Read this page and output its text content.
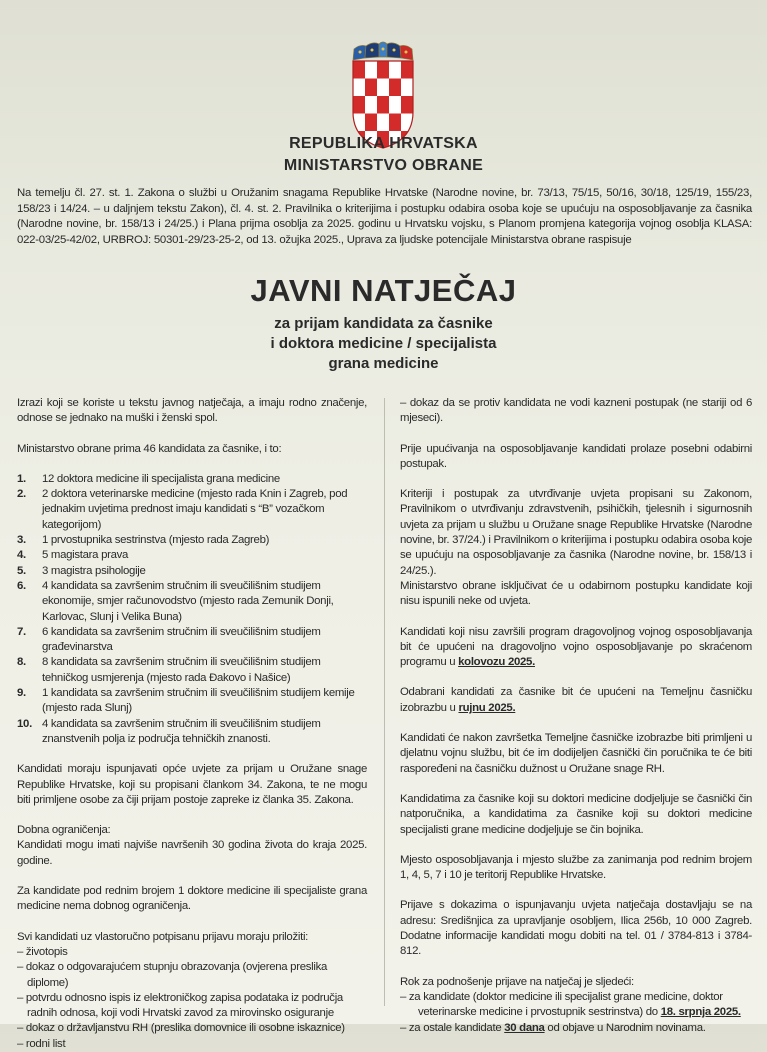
REPUBLIKA HRVATSKA
MINISTARSTVO OBRANE
Na temelju čl. 27. st. 1. Zakona o službi u Oružanim snagama Republike Hrvatske (Narodne novine, br. 73/13, 75/15, 50/16, 30/18, 125/19, 155/23, 158/23 i 14/24. – u daljnjem tekstu Zakon), čl. 4. st. 2. Pravilnika o kriterijima i postupku odabira osoba koje se upućuju na osposobljavanje za časnika (Narodne novine, br. 158/13 i 24/25.) i Plana prijma osoblja za 2025. godinu u Hrvatsku vojsku, s Planom promjena kategorija vojnog osoblja KLASA: 022-03/25-42/02, URBROJ: 50301-29/23-25-2, od 13. ožujka 2025., Uprava za ljudske potencijale Ministarstva obrane raspisuje
JAVNI NATJEČAJ
za prijam kandidata za časnike
i doktora medicine / specijalista
grana medicine

Izrazi koji se koriste u tekstu javnog natječaja, a imaju rodno značenje, odnose se jednako na muški i ženski spol.

Ministarstvo obrane prima 46 kandidata za časnike, i to:

1. 12 doktora medicine ili specijalista grana medicine
2. 2 doktora veterinarske medicine (mjesto rada Knin i Zagreb, pod jednakim uvjetima prednost imaju kandidati s “B” vozačkom kategorijom)
3. 1 prvostupnika sestrinstva (mjesto rada Zagreb)
4. 5 magistara prava
5. 3 magistra psihologije
6. 4 kandidata sa završenim stručnim ili sveučilišnim studijem ekonomije, smjer računovodstvo (mjesto rada Zemunik Donji, Karlovac, Slunj i Velika Buna)
7. 6 kandidata sa završenim stručnim ili sveučilišnim studijem građevinarstva
8. 8 kandidata sa završenim stručnim ili sveučilišnim studijem tehničkog usmjerenja (mjesto rada Đakovo i Našice)
9. 1 kandidata sa završenim stručnim ili sveučilišnim studijem kemije (mjesto rada Slunj)
10. 4 kandidata sa završenim stručnim ili sveučilišnim studijem znanstvenih polja iz područja tehničkih znanosti.

Kandidati moraju ispunjavati opće uvjete za prijam u Oružane snage Republike Hrvatske, koji su propisani člankom 34. Zakona, te ne mogu biti primljene osobe za čiji prijam postoje zapreke iz članka 35. Zakona.

Dobna ograničenja:

Kandidati mogu imati najviše navršenih 30 godina života do kraja 2025. godine.

Za kandidate pod rednim brojem 1 doktore medicine ili specijaliste grana medicine nema dobnog ograničenja.

Svi kandidati uz vlastoručno potpisanu prijavu moraju priložiti:
– životopis
– dokaz o odgovarajućem stupnju obrazovanja (ovjerena preslika diplome)
– potvrdu odnosno ispis iz elektroničkog zapisa podataka iz područja radnih odnosa, koji vodi Hrvatski zavod za mirovinsko osiguranje
– dokaz o državljanstvu RH (preslika domovnice ili osobne iskaznice)
– rodni list

– dokaz da se protiv kandidata ne vodi kazneni postupak (ne stariji od 6 mjeseci).

Prije upućivanja na osposobljavanje kandidati prolaze posebni odabirni postupak.

Kriteriji i postupak za utvrđivanje uvjeta propisani su Zakonom, Pravilnikom o utvrđivanju zdravstvenih, psihičkih, tjelesnih i sigurnosnih uvjeta za prijam u službu u Oružane snage Republike Hrvatske (Narodne novine, br. 37/24.) i Pravilnikom o kriterijima i postupku odabira osoba koje se upućuju na osposobljavanje za časnika (Narodne novine, br. 158/13 i 24/25.).

Ministarstvo obrane isključivat će u odabirnom postupku kandidate koji nisu ispunili neke od uvjeta.

Kandidati koji nisu završili program dragovoljnog vojnog osposobljavanja bit će upućeni na dragovoljno vojno osposobljavanje po skraćenom programu u kolovozu 2025.

Odabrani kandidati za časnike bit će upućeni na Temeljnu časničku izobrazbu u rujnu 2025.

Kandidati će nakon završetka Temeljne časničke izobrazbe biti primljeni u djelatnu vojnu službu, bit će im dodijeljen časnički čin poručnika te će biti raspoređeni na časničku dužnost u Oružane snage RH.

Kandidatima za časnike koji su doktori medicine dodjeljuje se časnički čin natporučnika, a kandidatima za časnike koji su doktori medicine specijalisti grane medicine dodjeljuje se čin bojnika.

Mjesto osposobljavanja i mjesto službe za zanimanja pod rednim brojem 1, 4, 5, 7 i 10 je teritorij Republike Hrvatske.

Prijave s dokazima o ispunjavanju uvjeta natječaja dostavljaju se na adresu: Središnjica za upravljanje osobljem, Ilica 256b, 10 000 Zagreb. Dodatne informacije kandidati mogu dobiti na tel. 01 / 3784-813 i 3784-812.

Rok za podnošenje prijave na natječaj je sljedeći:
– za kandidate (doktor medicine ili specijalist grane medicine, doktor veterinarske medicine i prvostupnik sestrinstva) do 18. srpnja 2025.
– za ostale kandidate 30 dana od objave u Narodnim novinama.
